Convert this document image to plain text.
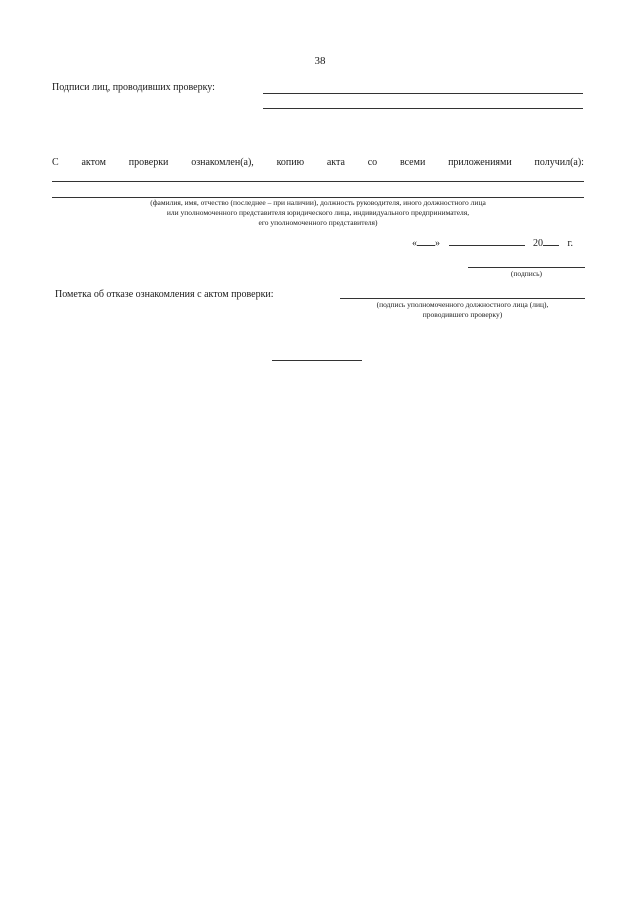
38
Подписи лиц, проводивших проверку:
С актом проверки ознакомлен(а), копию акта со всеми приложениями получил(а):
(фамилия, имя, отчество (последнее – при наличии), должность руководителя, иного должностного лица
или уполномоченного представителя юридического лица, индивидуального предпринимателя,
его уполномоченного представителя)
« »	20 г.
(подпись)
Пометка об отказе ознакомления с актом проверки:
(подпись уполномоченного должностного лица (лиц),
проводившего проверку)
